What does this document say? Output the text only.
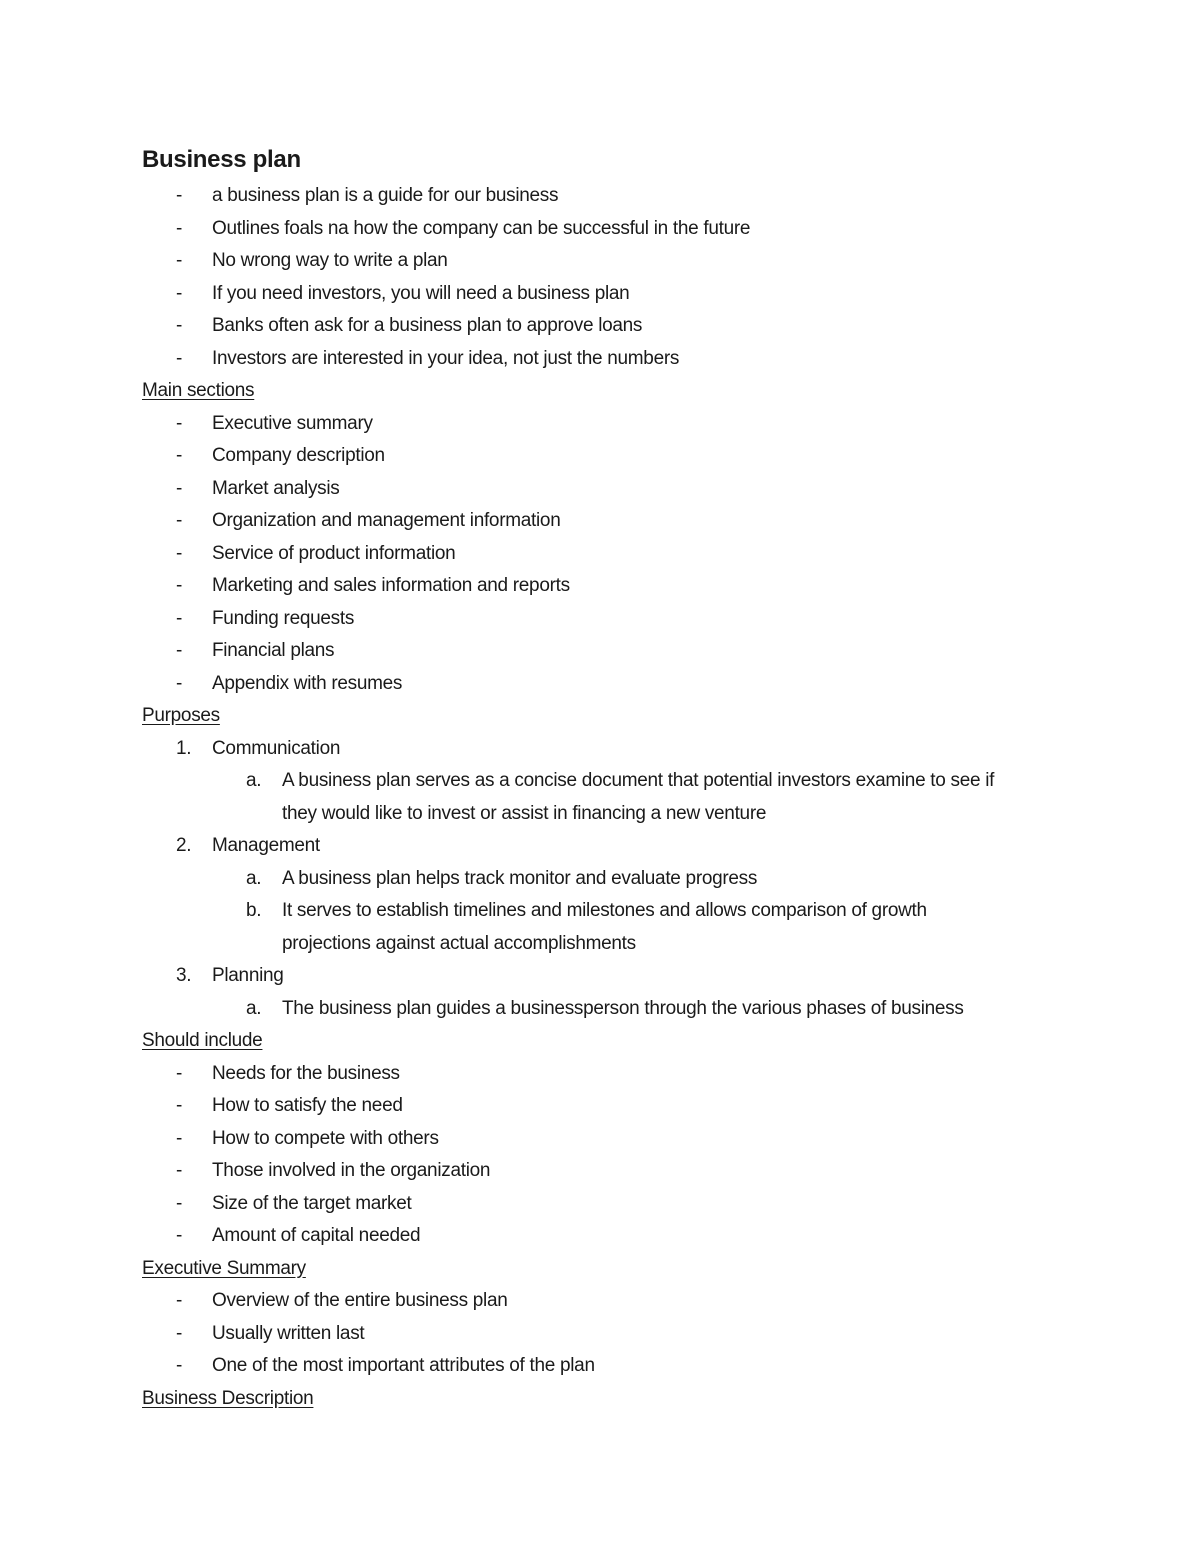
Business plan
- a business plan is a guide for our business
- Outlines foals na how the company can be successful in the future
- No wrong way to write a plan
- If you need investors, you will need a business plan
- Banks often ask for a business plan to approve loans
- Investors are interested in your idea, not just the numbers
Main sections
- Executive summary
- Company description
- Market analysis
- Organization and management information
- Service of product information
- Marketing and sales information and reports
- Funding requests
- Financial plans
- Appendix with resumes
Purposes
1. Communication
a. A business plan serves as a concise document that potential investors examine to see if
they would like to invest or assist in financing a new venture
2. Management
a. A business plan helps track monitor and evaluate progress
b. It serves to establish timelines and milestones and allows comparison of growth
projections against actual accomplishments
3. Planning
a. The business plan guides a businessperson through the various phases of business
Should include
- Needs for the business
- How to satisfy the need
- How to compete with others
- Those involved in the organization
- Size of the target market
- Amount of capital needed
Executive Summary
- Overview of the entire business plan
- Usually written last
- One of the most important attributes of the plan
Business Description
